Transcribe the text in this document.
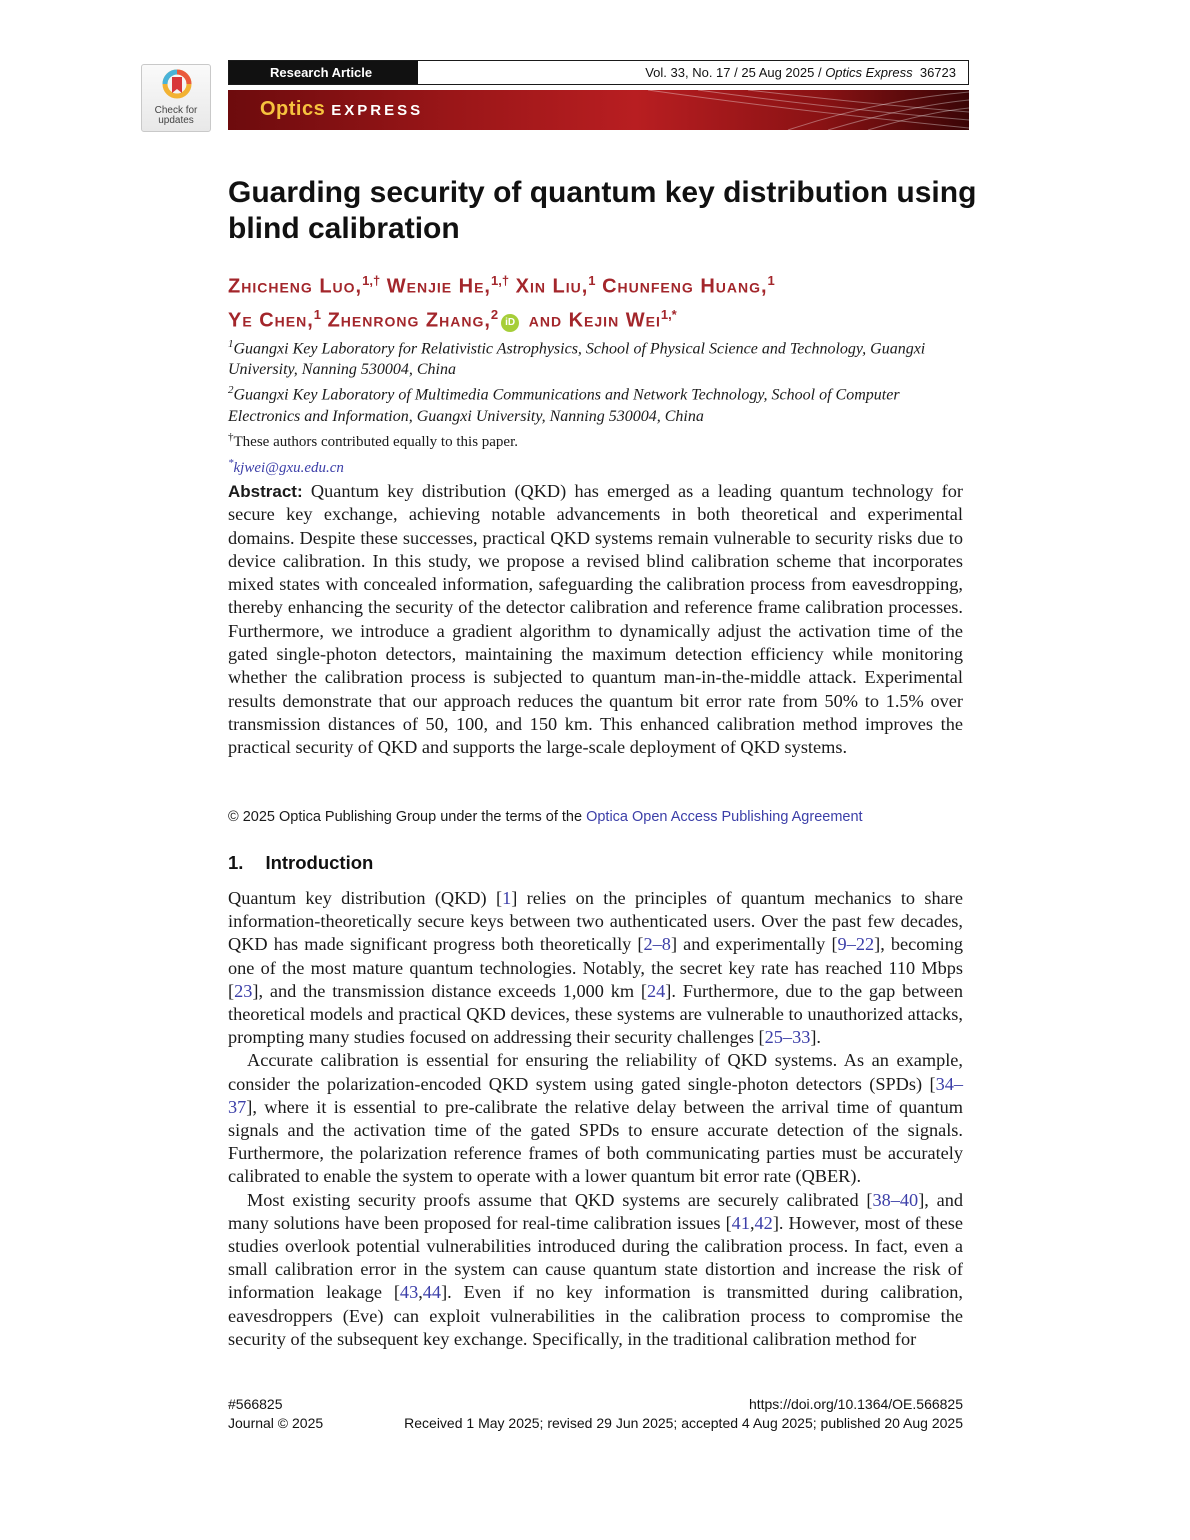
Check for
updates
Research Article	Vol. 33, No. 17 / 25 Aug 2025 / Optics Express 36723
Optics EXPRESS
Guarding security of quantum key distribution using blind calibration
Zhicheng Luo,$^{1,\dagger}$ Wenjie He,$^{1,\dagger}$ Xin Liu,$^1$ Chunfeng Huang,$^1$
Ye Chen,$^1$ Zhenrong Zhang,$^2$iD and Kejin Wei$^{1,*}$
$^1$Guangxi Key Laboratory for Relativistic Astrophysics, School of Physical Science and Technology, Guangxi University, Nanning 530004, China
$^2$Guangxi Key Laboratory of Multimedia Communications and Network Technology, School of Computer Electronics and Information, Guangxi University, Nanning 530004, China
†These authors contributed equally to this paper.
*kjwei@gxu.edu.cn
Abstract: Quantum key distribution (QKD) has emerged as a leading quantum technology for secure key exchange, achieving notable advancements in both theoretical and experimental domains. Despite these successes, practical QKD systems remain vulnerable to security risks due to device calibration. In this study, we propose a revised blind calibration scheme that incorporates mixed states with concealed information, safeguarding the calibration process from eavesdropping, thereby enhancing the security of the detector calibration and reference frame calibration processes. Furthermore, we introduce a gradient algorithm to dynamically adjust the activation time of the gated single-photon detectors, maintaining the maximum detection efficiency while monitoring whether the calibration process is subjected to quantum man-in-the-middle attack. Experimental results demonstrate that our approach reduces the quantum bit error rate from 50% to 1.5% over transmission distances of 50, 100, and 150 km. This enhanced calibration method improves the practical security of QKD and supports the large-scale deployment of QKD systems.
© 2025 Optica Publishing Group under the terms of the Optica Open Access Publishing Agreement
1. Introduction

Quantum key distribution (QKD) [1] relies on the principles of quantum mechanics to share information-theoretically secure keys between two authenticated users. Over the past few decades, QKD has made significant progress both theoretically [2–8] and experimentally [9–22], becoming one of the most mature quantum technologies. Notably, the secret key rate has reached 110 Mbps [23], and the transmission distance exceeds 1,000 km [24]. Furthermore, due to the gap between theoretical models and practical QKD devices, these systems are vulnerable to unauthorized attacks, prompting many studies focused on addressing their security challenges [25–33].

Accurate calibration is essential for ensuring the reliability of QKD systems. As an example, consider the polarization-encoded QKD system using gated single-photon detectors (SPDs) [34–37], where it is essential to pre-calibrate the relative delay between the arrival time of quantum signals and the activation time of the gated SPDs to ensure accurate detection of the signals. Furthermore, the polarization reference frames of both communicating parties must be accurately calibrated to enable the system to operate with a lower quantum bit error rate (QBER).

Most existing security proofs assume that QKD systems are securely calibrated [38–40], and many solutions have been proposed for real-time calibration issues [41,42]. However, most of these studies overlook potential vulnerabilities introduced during the calibration process. In fact, even a small calibration error in the system can cause quantum state distortion and increase the risk of information leakage [43,44]. Even if no key information is transmitted during calibration, eavesdroppers (Eve) can exploit vulnerabilities in the calibration process to compromise the security of the subsequent key exchange. Specifically, in the traditional calibration method for

#566825
Journal © 2025
https://doi.org/10.1364/OE.566825
Received 1 May 2025; revised 29 Jun 2025; accepted 4 Aug 2025; published 20 Aug 2025
